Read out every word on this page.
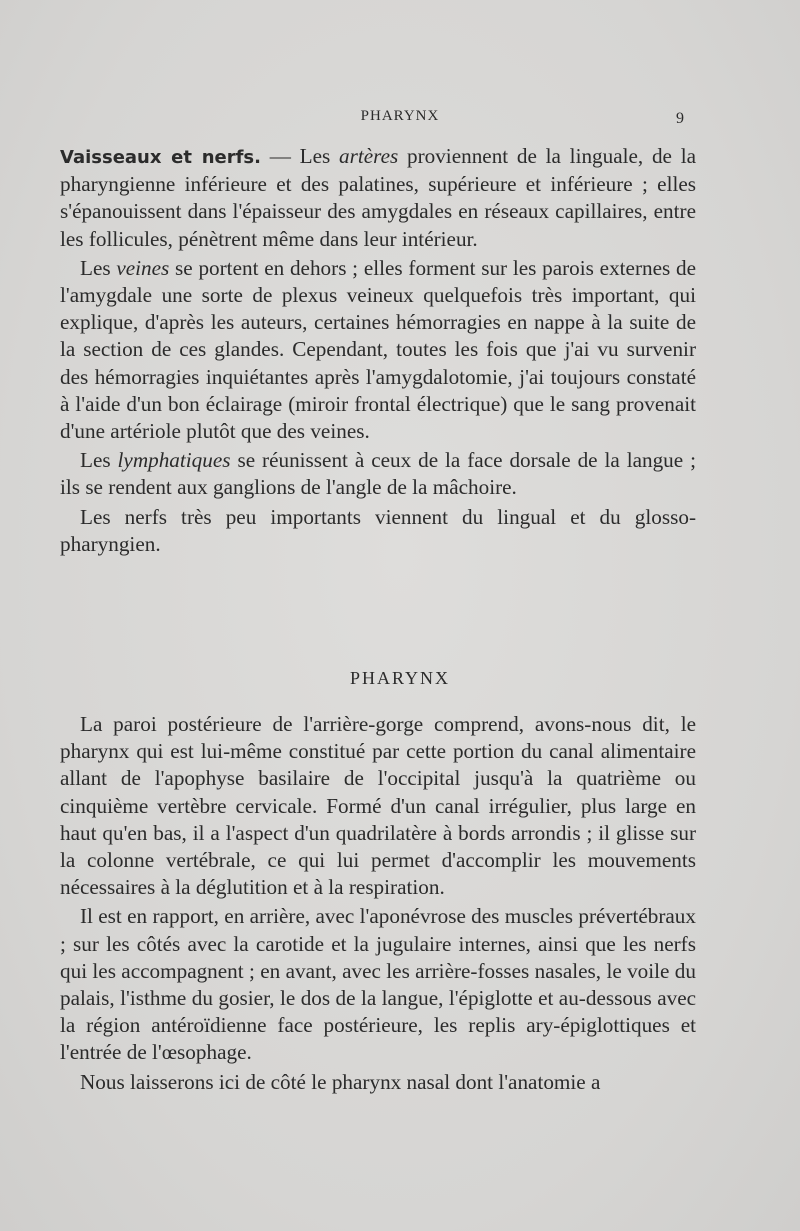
PHARYNX	9

Vaisseaux et nerfs. — Les artères proviennent de la linguale, de la pharyngienne inférieure et des palatines, supérieure et inférieure ; elles s'épanouissent dans l'épaisseur des amygdales en réseaux capillaires, entre les follicules, pénètrent même dans leur intérieur.

Les veines se portent en dehors ; elles forment sur les parois externes de l'amygdale une sorte de plexus veineux quelquefois très important, qui explique, d'après les auteurs, certaines hémorragies en nappe à la suite de la section de ces glandes. Cependant, toutes les fois que j'ai vu survenir des hémorragies inquiétantes après l'amygdalotomie, j'ai toujours constaté à l'aide d'un bon éclairage (miroir frontal électrique) que le sang provenait d'une artériole plutôt que des veines.

Les lymphatiques se réunissent à ceux de la face dorsale de la langue ; ils se rendent aux ganglions de l'angle de la mâchoire.

Les nerfs très peu importants viennent du lingual et du glosso-pharyngien.

PHARYNX

La paroi postérieure de l'arrière-gorge comprend, avons-nous dit, le pharynx qui est lui-même constitué par cette portion du canal alimentaire allant de l'apophyse basilaire de l'occipital jusqu'à la quatrième ou cinquième vertèbre cervicale. Formé d'un canal irrégulier, plus large en haut qu'en bas, il a l'aspect d'un quadrilatère à bords arrondis ; il glisse sur la colonne vertébrale, ce qui lui permet d'accomplir les mouvements nécessaires à la déglutition et à la respiration.

Il est en rapport, en arrière, avec l'aponévrose des muscles prévertébraux ; sur les côtés avec la carotide et la jugulaire internes, ainsi que les nerfs qui les accompagnent ; en avant, avec les arrière-fosses nasales, le voile du palais, l'isthme du gosier, le dos de la langue, l'épiglotte et au-dessous avec la région antéroïdienne face postérieure, les replis ary-épiglottiques et l'entrée de l'œsophage.

Nous laisserons ici de côté le pharynx nasal dont l'anatomie a
